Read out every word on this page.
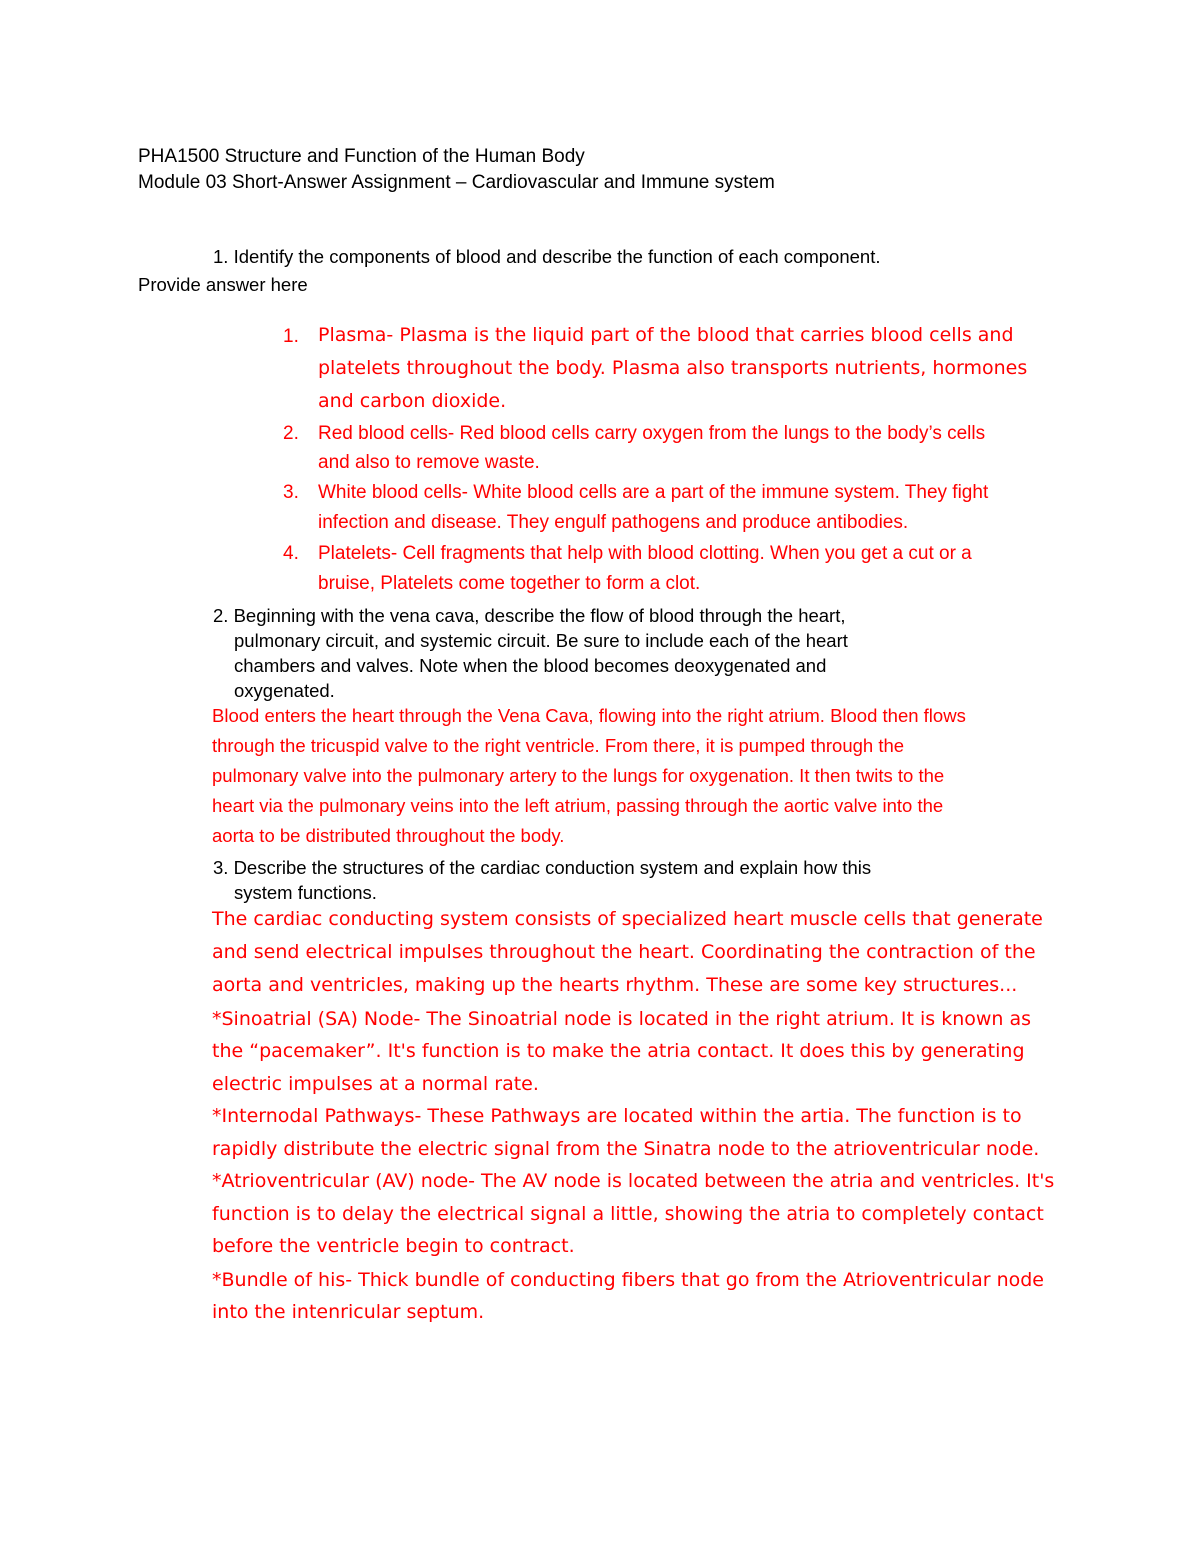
PHA1500 Structure and Function of the Human Body
Module 03 Short-Answer Assignment – Cardiovascular and Immune system
1. Identify the components of blood and describe the function of each component.
Provide answer here
1. Plasma- Plasma is the liquid part of the blood that carries blood cells and
platelets throughout the body. Plasma also transports nutrients, hormones
and carbon dioxide.
2. Red blood cells- Red blood cells carry oxygen from the lungs to the body’s cells
and also to remove waste.
3. White blood cells- White blood cells are a part of the immune system. They fight
infection and disease. They engulf pathogens and produce antibodies.
4. Platelets- Cell fragments that help with blood clotting. When you get a cut or a
bruise, Platelets come together to form a clot.
2. Beginning with the vena cava, describe the flow of blood through the heart,
pulmonary circuit, and systemic circuit. Be sure to include each of the heart
chambers and valves. Note when the blood becomes deoxygenated and
oxygenated.
Blood enters the heart through the Vena Cava, flowing into the right atrium. Blood then flows
through the tricuspid valve to the right ventricle. From there, it is pumped through the
pulmonary valve into the pulmonary artery to the lungs for oxygenation. It then twits to the
heart via the pulmonary veins into the left atrium, passing through the aortic valve into the
aorta to be distributed throughout the body.
3. Describe the structures of the cardiac conduction system and explain how this
system functions.
The cardiac conducting system consists of specialized heart muscle cells that generate
and send electrical impulses throughout the heart. Coordinating the contraction of the
aorta and ventricles, making up the hearts rhythm. These are some key structures...
*Sinoatrial (SA) Node- The Sinoatrial node is located in the right atrium. It is known as
the “pacemaker”. It's function is to make the atria contact. It does this by generating
electric impulses at a normal rate.
*Internodal Pathways- These Pathways are located within the artia. The function is to
rapidly distribute the electric signal from the Sinatra node to the atrioventricular node.
*Atrioventricular (AV) node- The AV node is located between the atria and ventricles. It's
function is to delay the electrical signal a little, showing the atria to completely contact
before the ventricle begin to contract.
*Bundle of his- Thick bundle of conducting fibers that go from the Atrioventricular node
into the intenricular septum.
